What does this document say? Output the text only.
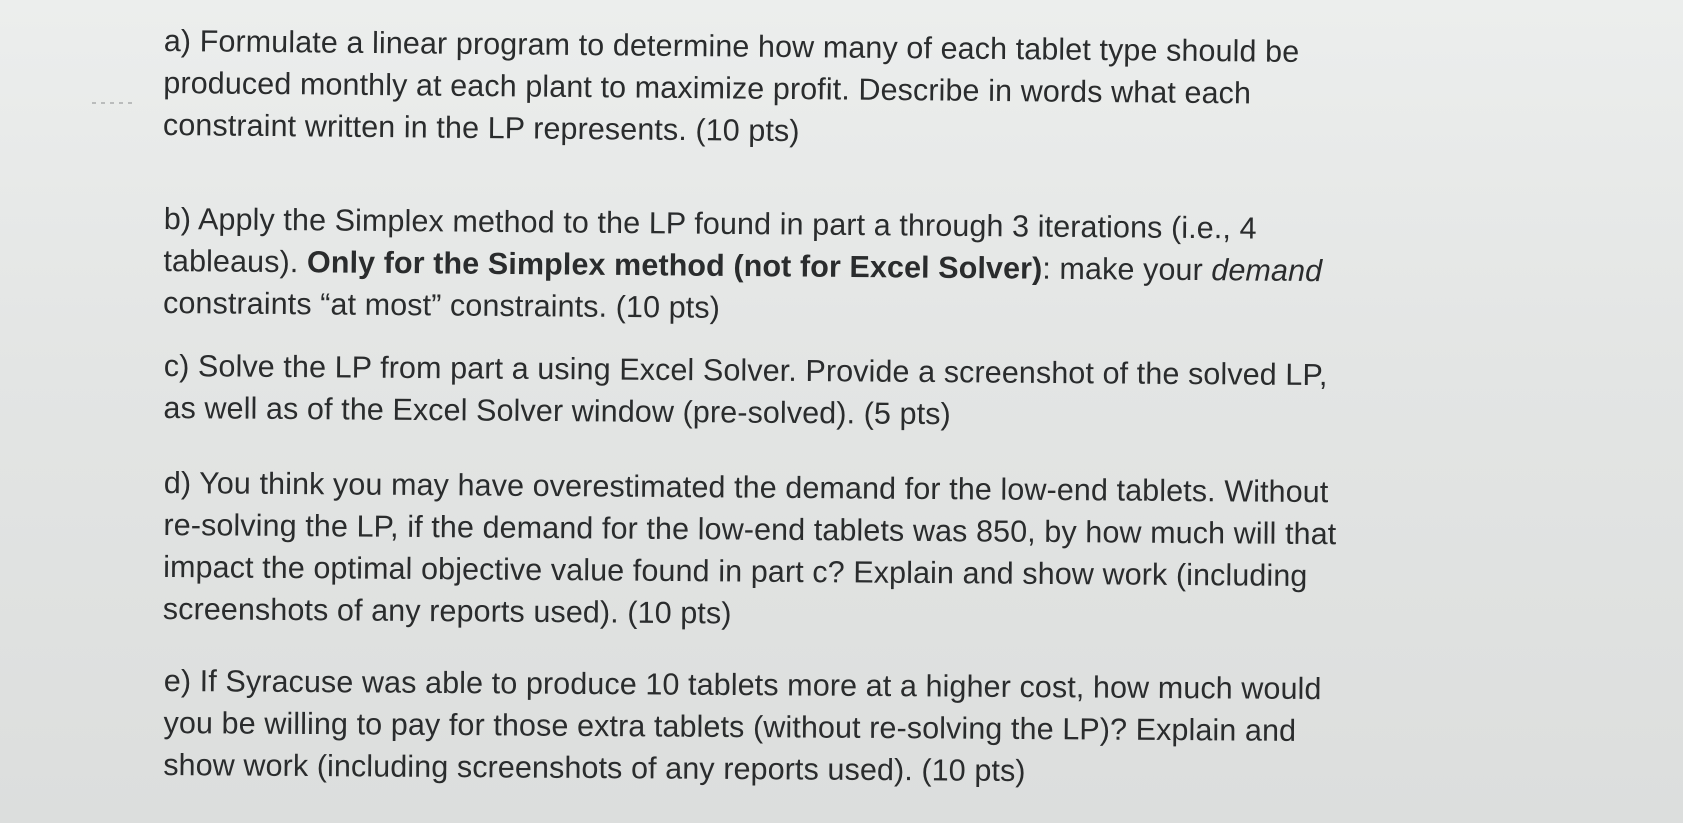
a) Formulate a linear program to determine how many of each tablet type should be
produced monthly at each plant to maximize profit. Describe in words what each
constraint written in the LP represents. (10 pts)
b) Apply the Simplex method to the LP found in part a through 3 iterations (i.e., 4
tableaus). Only for the Simplex method (not for Excel Solver): make your demand
constraints “at most” constraints. (10 pts)
c) Solve the LP from part a using Excel Solver. Provide a screenshot of the solved LP,
as well as of the Excel Solver window (pre-solved). (5 pts)
d) You think you may have overestimated the demand for the low-end tablets. Without
re-solving the LP, if the demand for the low-end tablets was 850, by how much will that
impact the optimal objective value found in part c? Explain and show work (including
screenshots of any reports used). (10 pts)
e) If Syracuse was able to produce 10 tablets more at a higher cost, how much would
you be willing to pay for those extra tablets (without re-solving the LP)? Explain and
show work (including screenshots of any reports used). (10 pts)
